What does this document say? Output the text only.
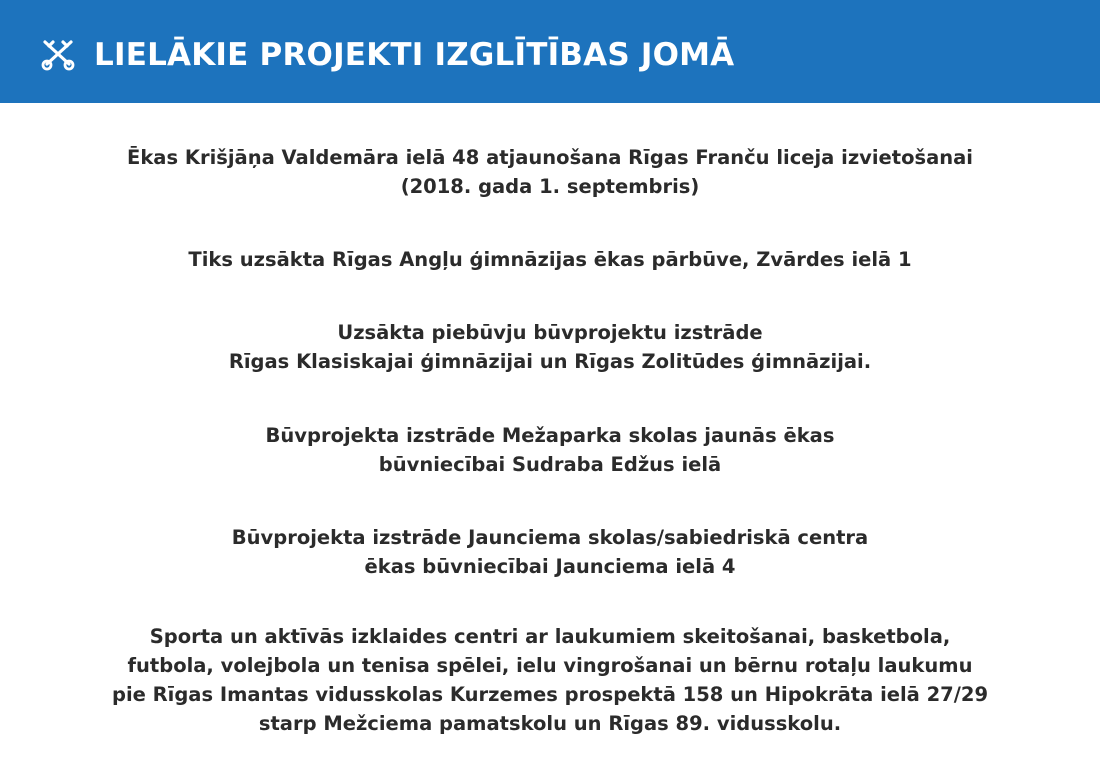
LIELĀKIE PROJEKTI IZGLĪTĪBAS JOMĀ
Ēkas Krišjāņa Valdemāra ielā 48 atjaunošana Rīgas Franču liceja izvietošanai
(2018. gada 1. septembris)
Tiks uzsākta Rīgas Angļu ģimnāzijas ēkas pārbūve, Zvārdes ielā 1
Uzsākta piebūvju būvprojektu izstrāde
Rīgas Klasiskajai ģimnāzijai un Rīgas Zolitūdes ģimnāzijai.
Būvprojekta izstrāde Mežaparka skolas jaunās ēkas
būvniecībai Sudraba Edžus ielā
Būvprojekta izstrāde Jaunciema skolas/sabiedriskā centra
ēkas būvniecībai Jaunciema ielā 4
Sporta un aktīvās izklaides centri ar laukumiem skeitošanai, basketbola,
futbola, volejbola un tenisa spēlei, ielu vingrošanai un bērnu rotaļu laukumu
pie Rīgas Imantas vidusskolas Kurzemes prospektā 158 un Hipokrāta ielā 27/29
starp Mežciema pamatskolu un Rīgas 89. vidusskolu.
